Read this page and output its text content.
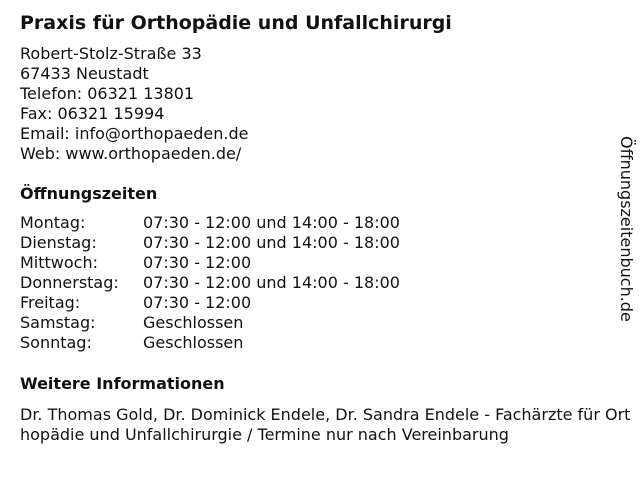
Praxis für Orthopädie und Unfallchirurgi
Robert-Stolz-Straße 33
67433 Neustadt
Telefon: 06321 13801
Fax: 06321 15994
Email: info@orthopaeden.de
Web: www.orthopaeden.de/
Öffnungszeiten
Montag:	07:30 - 12:00 und 14:00 - 18:00
Dienstag:	07:30 - 12:00 und 14:00 - 18:00
Mittwoch:	07:30 - 12:00
Donnerstag:	07:30 - 12:00 und 14:00 - 18:00
Freitag:	07:30 - 12:00
Samstag:	Geschlossen
Sonntag:	Geschlossen
Weitere Informationen
Dr. Thomas Gold, Dr. Dominick Endele, Dr. Sandra Endele - Fachärzte für Orthopädie und Unfallchirurgie / Termine nur nach Vereinbarung
Öffnungszeitenbuch.de
